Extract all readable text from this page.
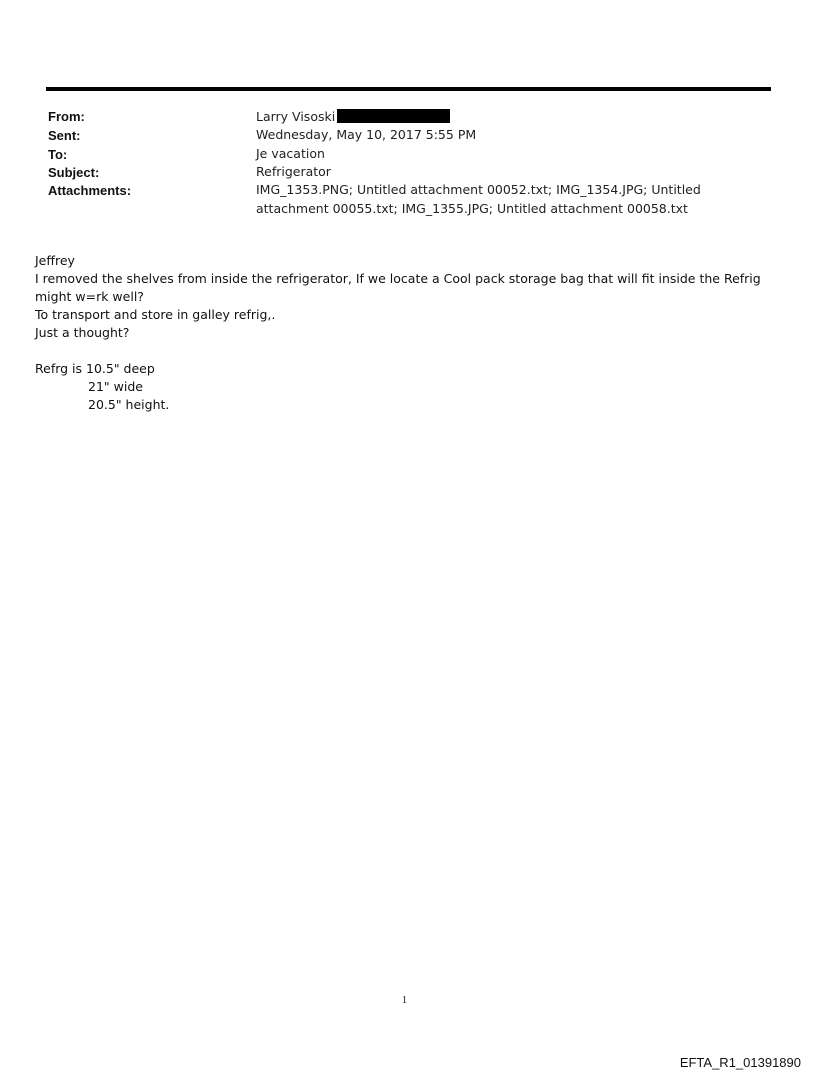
From:	Larry Visoski
Sent:	Wednesday, May 10, 2017 5:55 PM
To:	Je vacation
Subject:	Refrigerator
Attachments:	IMG_1353.PNG; Untitled attachment 00052.txt; IMG_1354.JPG; Untitled attachment 00055.txt; IMG_1355.JPG; Untitled attachment 00058.txt

Jeffrey

I removed the shelves from inside the refrigerator, If we locate a Cool pack storage bag that will fit inside the Refrig

might w=rk well?

To transport and store in galley refrig,.

Just a thought?

Refrg is 10.5" deep

21" wide

20.5" height.

1
EFTA_R1_01391890
